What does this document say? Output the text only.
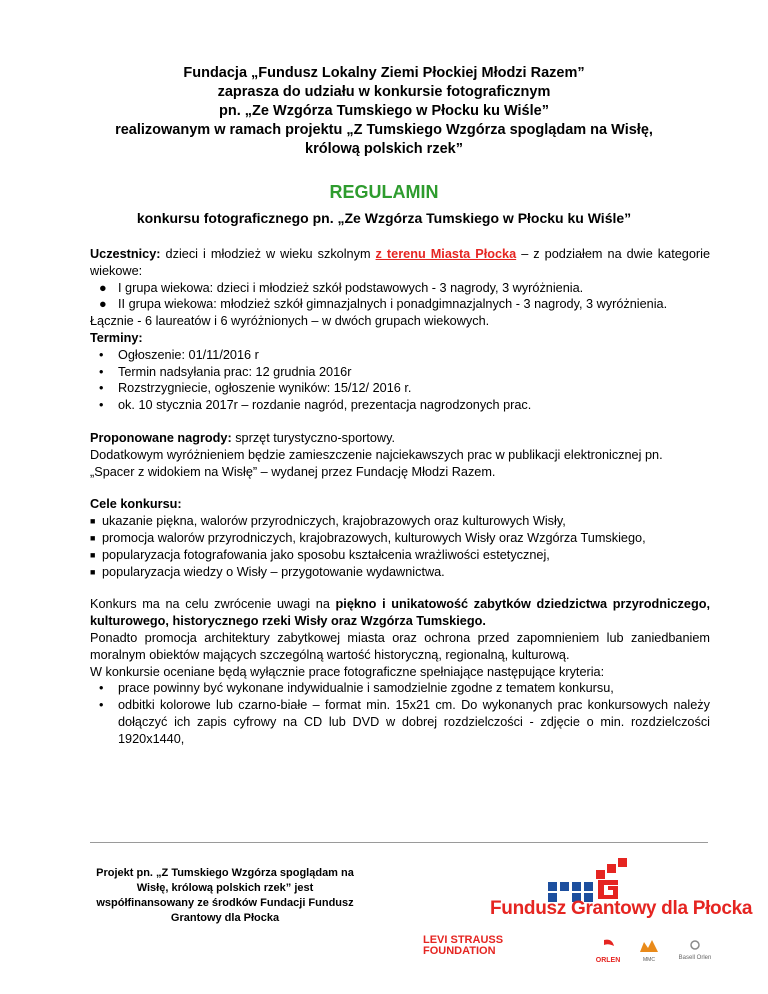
Fundacja „Fundusz Lokalny Ziemi Płockiej Młodzi Razem”
zaprasza do udziału w konkursie fotograficznym
pn. „Ze Wzgórza Tumskiego w Płocku ku Wiśle”
realizowanym w ramach projektu „Z Tumskiego Wzgórza spoglądam na Wisłę,
królową polskich rzek”
REGULAMIN
konkursu fotograficznego pn. „Ze Wzgórza Tumskiego w Płocku ku Wiśle”
Uczestnicy: dzieci i młodzież w wieku szkolnym z terenu Miasta Płocka – z podziałem na dwie kategorie wiekowe:
● I grupa wiekowa: dzieci i młodzież szkół podstawowych - 3 nagrody, 3 wyróżnienia.
● II grupa wiekowa: młodzież szkół gimnazjalnych i ponadgimnazjalnych - 3 nagrody, 3 wyróżnienia.
Łącznie - 6 laureatów i 6 wyróżnionych – w dwóch grupach wiekowych.
Terminy:
• Ogłoszenie: 01/11/2016 r
• Termin nadsyłania prac: 12 grudnia 2016r
• Rozstrzygniecie, ogłoszenie wyników: 15/12/ 2016 r.
• ok. 10 stycznia 2017r – rozdanie nagród, prezentacja nagrodzonych prac.
Proponowane nagrody: sprzęt turystyczno-sportowy.
Dodatkowym wyróżnieniem będzie zamieszczenie najciekawszych prac w publikacji elektronicznej pn. „Spacer z widokiem na Wisłę” – wydanej przez Fundację Młodzi Razem.
Cele konkursu:
■ ukazanie piękna, walorów przyrodniczych, krajobrazowych oraz kulturowych Wisły,
■ promocja walorów przyrodniczych, krajobrazowych, kulturowych Wisły oraz Wzgórza Tumskiego,
■ popularyzacja fotografowania jako sposobu kształcenia wrażliwości estetycznej,
■ popularyzacja wiedzy o Wisły – przygotowanie wydawnictwa.
Konkurs ma na celu zwrócenie uwagi na piękno i unikatowość zabytków dziedzictwa przyrodniczego, kulturowego, historycznego rzeki Wisły oraz Wzgórza Tumskiego.
Ponadto promocja architektury zabytkowej miasta oraz ochrona przed zapomnieniem lub zaniedbaniem moralnym obiektów mających szczególną wartość historyczną, regionalną, kulturową.
W konkursie oceniane będą wyłącznie prace fotograficzne spełniające następujące kryteria:
• prace powinny być wykonane indywidualnie i samodzielnie zgodne z tematem konkursu,
• odbitki kolorowe lub czarno-białe – format min. 15x21 cm. Do wykonanych prac konkursowych należy dołączyć ich zapis cyfrowy na CD lub DVD w dobrej rozdzielczości - zdjęcie o min. rozdzielczości 1920x1440,
Projekt pn. „Z Tumskiego Wzgórza spoglądam na Wisłę, królową polskich rzek” jest współfinansowany ze środków Fundacji Fundusz Grantowy dla Płocka	Fundusz Grantowy dla Płocka
LEVI STRAUSS
FOUNDATION
ORLEN	MMC	Basell Orlen
